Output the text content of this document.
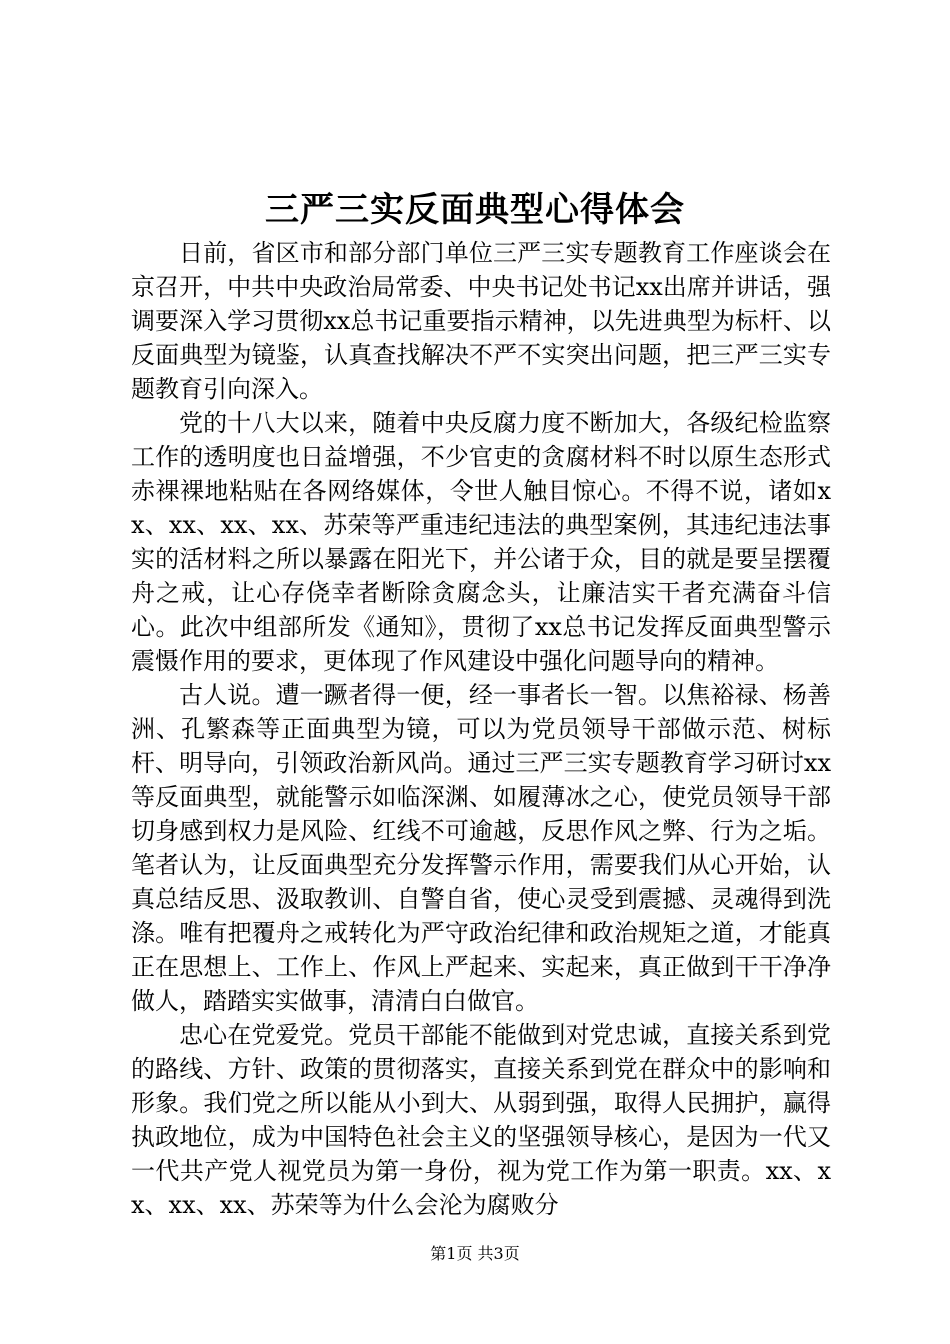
三严三实反面典型心得体会

日前，省区市和部分部门单位三严三实专题教育工作座谈会在京召开，中共中央政治局常委、中央书记处书记xx出席并讲话，强调要深入学习贯彻xx总书记重要指示精神，以先进典型为标杆、以反面典型为镜鉴，认真查找解决不严不实突出问题，把三严三实专题教育引向深入。

党的十八大以来，随着中央反腐力度不断加大，各级纪检监察工作的透明度也日益增强，不少官吏的贪腐材料不时以原生态形式赤裸裸地粘贴在各网络媒体，令世人触目惊心。不得不说，诸如xx、xx、xx、xx、苏荣等严重违纪违法的典型案例，其违纪违法事实的活材料之所以暴露在阳光下，并公诸于众，目的就是要呈摆覆舟之戒，让心存侥幸者断除贪腐念头，让廉洁实干者充满奋斗信心。此次中组部所发《通知》，贯彻了xx总书记发挥反面典型警示震慑作用的要求，更体现了作风建设中强化问题导向的精神。

古人说。遭一蹶者得一便，经一事者长一智。以焦裕禄、杨善洲、孔繁森等正面典型为镜，可以为党员领导干部做示范、树标杆、明导向，引领政治新风尚。通过三严三实专题教育学习研讨xx等反面典型，就能警示如临深渊、如履薄冰之心，使党员领导干部切身感到权力是风险、红线不可逾越，反思作风之弊、行为之垢。笔者认为，让反面典型充分发挥警示作用，需要我们从心开始，认真总结反思、汲取教训、自警自省，使心灵受到震撼、灵魂得到洗涤。唯有把覆舟之戒转化为严守政治纪律和政治规矩之道，才能真正在思想上、工作上、作风上严起来、实起来，真正做到干干净净做人，踏踏实实做事，清清白白做官。

忠心在党爱党。党员干部能不能做到对党忠诚，直接关系到党的路线、方针、政策的贯彻落实，直接关系到党在群众中的影响和形象。我们党之所以能从小到大、从弱到强，取得人民拥护，赢得执政地位，成为中国特色社会主义的坚强领导核心，是因为一代又一代共产党人视党员为第一身份，视为党工作为第一职责。xx、xx、xx、xx、苏荣等为什么会沦为腐败分

第1页 共3页
